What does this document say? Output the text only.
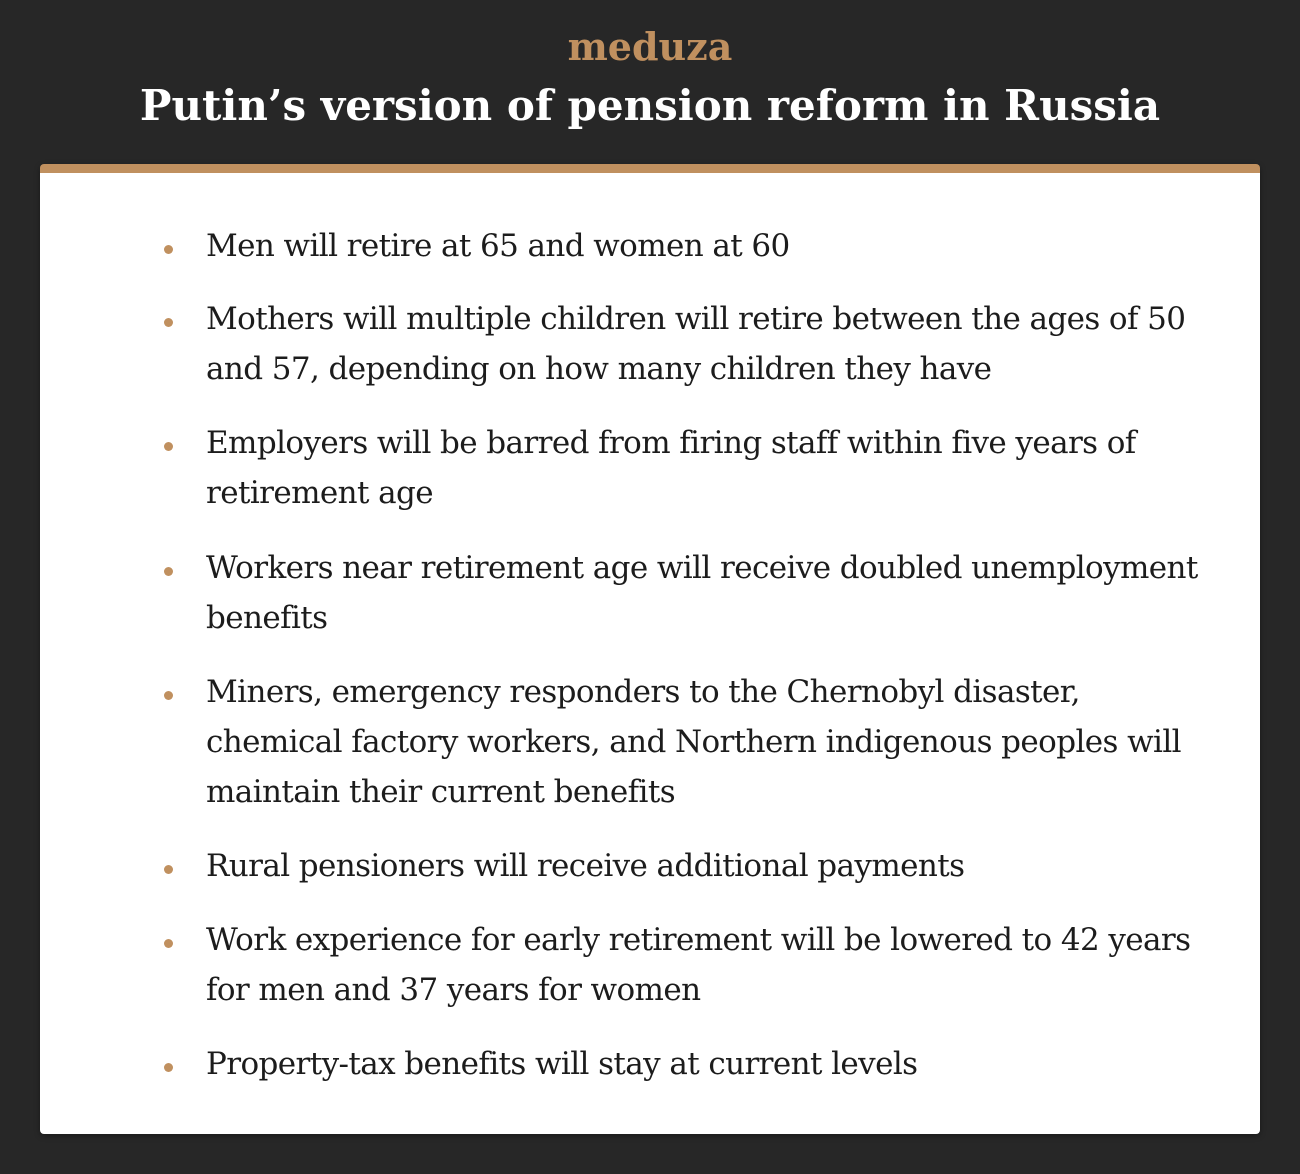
meduza
Putin’s version of pension reform in Russia
Men will retire at 65 and women at 60
Mothers will multiple children will retire between the ages of 50 and 57, depending on how many children they have
Employers will be barred from firing staff within five years of retirement age
Workers near retirement age will receive doubled unemployment benefits
Miners, emergency responders to the Chernobyl disaster, chemical factory workers, and Northern indigenous peoples will maintain their current benefits
Rural pensioners will receive additional payments
Work experience for early retirement will be lowered to 42 years for men and 37 years for women
Property-tax benefits will stay at current levels
